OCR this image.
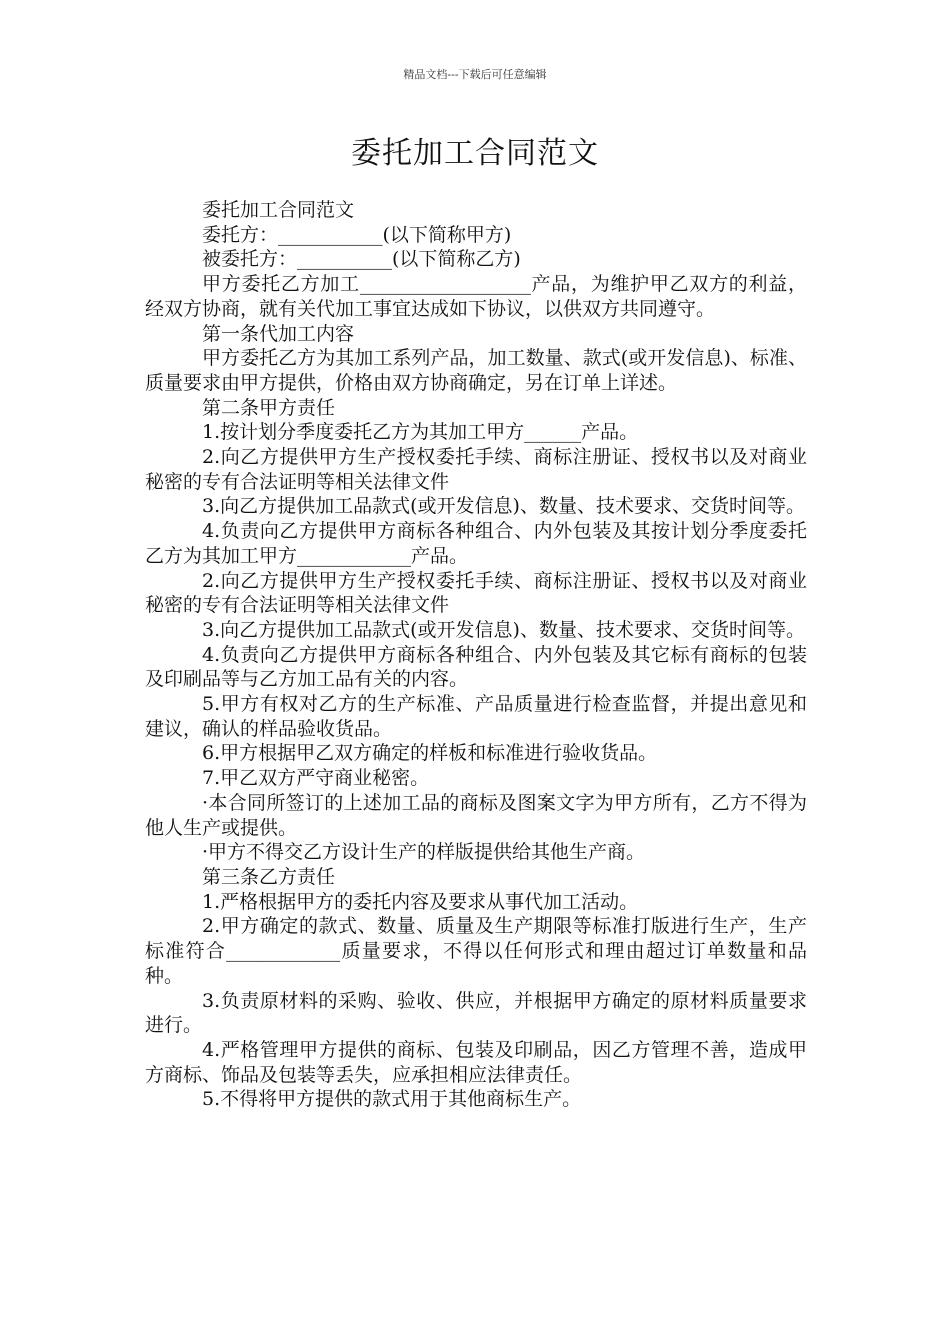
精品文档---下载后可任意编辑
委托加工合同范文

委托加工合同范文

委托方：___________(以下简称甲方)

被委托方：__________(以下简称乙方)

甲方委托乙方加工__________________产品，为维护甲乙双方的利益，经双方协商，就有关代加工事宜达成如下协议，以供双方共同遵守。

第一条代加工内容

甲方委托乙方为其加工系列产品，加工数量、款式(或开发信息)、标准、质量要求由甲方提供，价格由双方协商确定，另在订单上详述。

第二条甲方责任

1.按计划分季度委托乙方为其加工甲方______产品。

2.向乙方提供甲方生产授权委托手续、商标注册证、授权书以及对商业秘密的专有合法证明等相关法律文件

3.向乙方提供加工品款式(或开发信息)、数量、技术要求、交货时间等。

4.负责向乙方提供甲方商标各种组合、内外包装及其按计划分季度委托乙方为其加工甲方____________产品。

2.向乙方提供甲方生产授权委托手续、商标注册证、授权书以及对商业秘密的专有合法证明等相关法律文件

3.向乙方提供加工品款式(或开发信息)、数量、技术要求、交货时间等。

4.负责向乙方提供甲方商标各种组合、内外包装及其它标有商标的包装及印刷品等与乙方加工品有关的内容。

5.甲方有权对乙方的生产标准、产品质量进行检查监督，并提出意见和建议，确认的样品验收货品。

6.甲方根据甲乙双方确定的样板和标准进行验收货品。

7.甲乙双方严守商业秘密。

·本合同所签订的上述加工品的商标及图案文字为甲方所有，乙方不得为他人生产或提供。

·甲方不得交乙方设计生产的样版提供给其他生产商。

第三条乙方责任

1.严格根据甲方的委托内容及要求从事代加工活动。

2.甲方确定的款式、数量、质量及生产期限等标准打版进行生产，生产标准符合____________质量要求，不得以任何形式和理由超过订单数量和品种。

3.负责原材料的采购、验收、供应，并根据甲方确定的原材料质量要求进行。

4.严格管理甲方提供的商标、包装及印刷品，因乙方管理不善，造成甲方商标、饰品及包装等丢失，应承担相应法律责任。

5.不得将甲方提供的款式用于其他商标生产。
